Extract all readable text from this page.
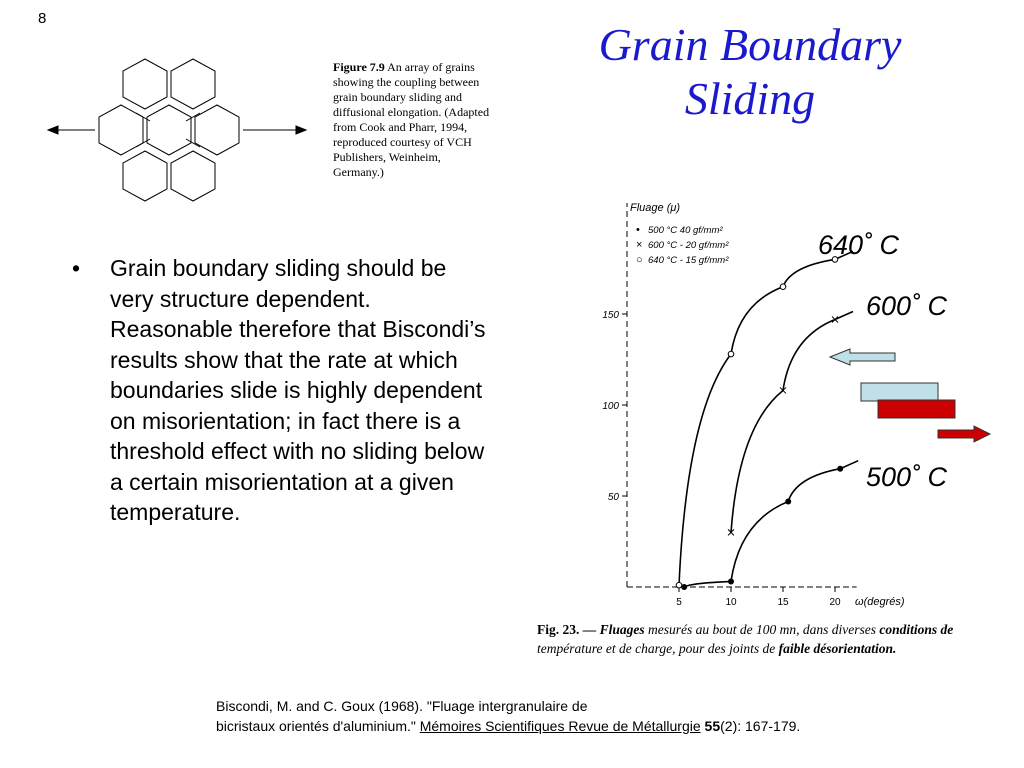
8
Grain Boundary
Sliding
Figure 7.9 An array of grains showing the coupling between grain boundary sliding and diffusional elongation. (Adapted from Cook and Pharr, 1994, reproduced courtesy of VCH Publishers, Weinheim, Germany.)
• Grain boundary sliding should be very structure dependent. Reasonable therefore that Biscondi’s results show that the rate at which boundaries slide is highly dependent on misorientation; in fact there is a threshold effect with no sliding below a certain misorientation at a given temperature.
5	10	15	20
50
100
150
• 500 °C 40 gf/mm²
× 600 °C - 20 gf/mm²
○ 640 °C - 15 gf/mm²
Fluage (μ)
ω(degrés)
640˚ C
600˚ C
500˚ C
Fig. 23. — Fluages mesurés au bout de 100 mn, dans diverses conditions de température et de charge, pour des joints de faible désorientation.
Biscondi, M. and C. Goux (1968). "Fluage intergranulaire de
bicristaux orientés d'aluminium." Mémoires Scientifiques Revue de Métallurgie 55(2): 167-179.
